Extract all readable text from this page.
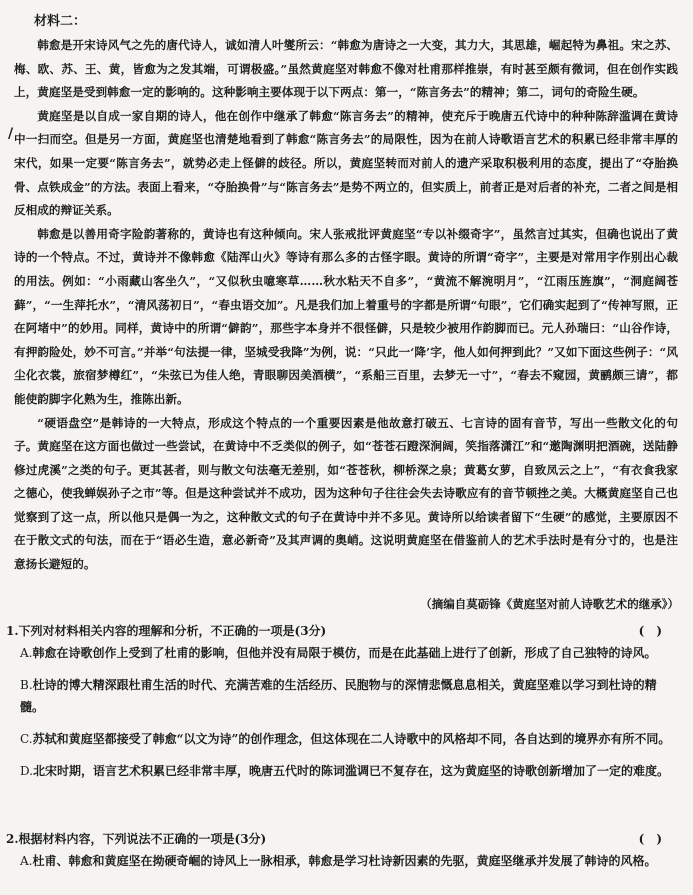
材料二：
/

韩愈是开宋诗风气之先的唐代诗人，诚如清人叶燮所云：“韩愈为唐诗之一大变，其力大，其思雄，崛起特为鼻祖。宋之苏、梅、欧、苏、王、黄，皆愈为之发其端，可谓极盛。”虽然黄庭坚对韩愈不像对杜甫那样推崇，有时甚至颇有微词，但在创作实践上，黄庭坚是受到韩愈一定的影响的。这种影响主要体现于以下两点：第一，“陈言务去”的精神；第二，词句的奇险生硬。

黄庭坚是以自成一家自期的诗人，他在创作中继承了韩愈“陈言务去”的精神，使充斥于晚唐五代诗中的种种陈辞滥调在黄诗中一扫而空。但是另一方面，黄庭坚也清楚地看到了韩愈“陈言务去”的局限性，因为在前人诗歌语言艺术的积累已经非常丰厚的宋代，如果一定要“陈言务去”，就势必走上怪僻的歧径。所以，黄庭坚转而对前人的遗产采取积极利用的态度，提出了“夺胎换骨、点铁成金”的方法。表面上看来，“夺胎换骨”与“陈言务去”是势不两立的，但实质上，前者正是对后者的补充，二者之间是相反相成的辩证关系。

韩愈是以善用奇字险韵著称的，黄诗也有这种倾向。宋人张戒批评黄庭坚“专以补缀奇字”，虽然言过其实，但确也说出了黄诗的一个特点。不过，黄诗并不像韩愈《陆浑山火》等诗有那么多的古怪字眼。黄诗的所谓“奇字”，主要是对常用字作别出心裁的用法。例如：“小雨藏山客坐久”，“又似秋虫噫寒草……秋水粘天不自多”，“黄流不解涴明月”，“江雨压旌旗”，“洞庭阔苍藓”，“一生萍托水”，“清风荡初日”，“春虫语交加”。凡是我们加上着重号的字都是所谓“句眼”，它们确实起到了“传神写照，正在阿堵中”的妙用。同样，黄诗中的所谓“僻韵”，那些字本身并不很怪僻，只是较少被用作韵脚而已。元人孙瑞曰：“山谷作诗，有押韵险处，妙不可言。”并举“句法提一律，坚城受我降”为例，说：“只此一‘降’字，他人如何押到此？”又如下面这些例子：“风尘化衣裳，旅宿梦樽红”，“朱弦已为佳人绝，青眼聊因美酒横”，“系船三百里，去梦无一寸”，“春去不窥园，黄鹂颇三请”，都能使韵脚字化熟为生，推陈出新。

“硬语盘空”是韩诗的一大特点，形成这个特点的一个重要因素是他故意打破五、七言诗的固有音节，写出一些散文化的句子。黄庭坚在这方面也做过一些尝试，在黄诗中不乏类似的例子，如“苍苍石蹬深涧阔，笑指落潇江”和“邀陶渊明把酒碗，送陆静修过虎溪”之类的句子。更其甚者，则与散文句法毫无差别，如“苍苍秋，柳桥深之泉；黄葛女萝，自致凤云之上”，“有衣食我家之德心，使我蝉娱孙子之市”等。但是这种尝试并不成功，因为这种句子往往会失去诗歌应有的音节顿挫之美。大概黄庭坚自己也觉察到了这一点，所以他只是偶一为之，这种散文式的句子在黄诗中并不多见。黄诗所以给读者留下“生硬”的感觉，主要原因不在于散文式的句法，而在于“语必生造，意必新奇”及其声调的奥峭。这说明黄庭坚在借鉴前人的艺术手法时是有分寸的，也是注意扬长避短的。

（摘编自莫砺锋《黄庭坚对前人诗歌艺术的继承》）
1.下列对材料相关内容的理解和分析，不正确的一项是(3分)	()
A.韩愈在诗歌创作上受到了杜甫的影响，但他并没有局限于模仿，而是在此基础上进行了创新，形成了自己独特的诗风。
B.杜诗的博大精深跟杜甫生活的时代、充满苦难的生活经历、民胞物与的深情悲慨息息相关，黄庭坚难以学习到杜诗的精髓。
C.苏轼和黄庭坚都接受了韩愈“以文为诗”的创作理念，但这体现在二人诗歌中的风格却不同，各自达到的境界亦有所不同。
D.北宋时期，语言艺术积累已经非常丰厚，晚唐五代时的陈词滥调已不复存在，这为黄庭坚的诗歌创新增加了一定的难度。
2.根据材料内容，下列说法不正确的一项是(3分)	()
A.杜甫、韩愈和黄庭坚在拗硬奇崛的诗风上一脉相承，韩愈是学习杜诗新因素的先驱，黄庭坚继承并发展了韩诗的风格。
